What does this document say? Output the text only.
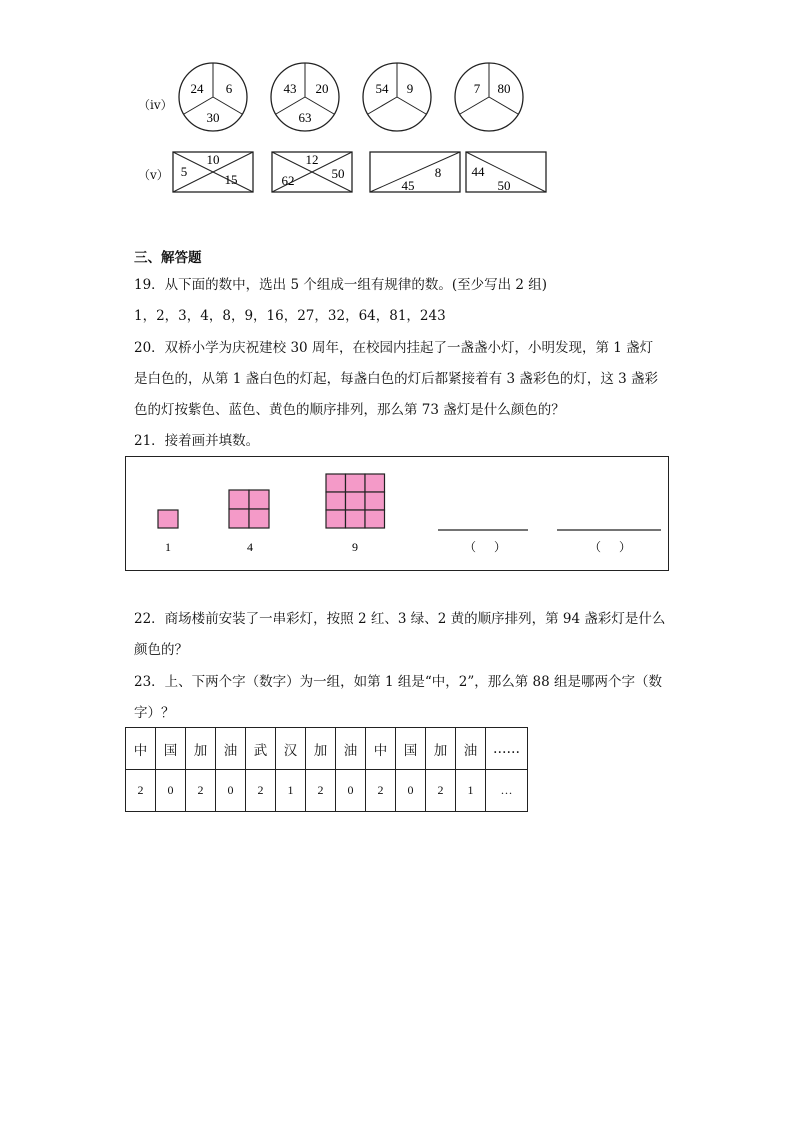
（iv）
24 6
30
43 20
63
54 9	7 80
（v）
10
5
15
12
62	50	8
45
44
50
三、解答题
19．从下面的数中，选出 5 个组成一组有规律的数。(至少写出 2 组)
1，2，3，4，8，9，16，27，32，64，81，243
20．双桥小学为庆祝建校 30 周年，在校园内挂起了一盏盏小灯，小明发现，第 1 盏灯
是白色的，从第 1 盏白色的灯起，每盏白色的灯后都紧接着有 3 盏彩色的灯，这 3 盏彩
色的灯按紫色、蓝色、黄色的顺序排列，那么第 73 盏灯是什么颜色的？
21．接着画并填数。
1	4	9	（      ）	（      ）
22．商场楼前安装了一串彩灯，按照 2 红、3 绿、2 黄的顺序排列，第 94 盏彩灯是什么
颜色的？
23．上、下两个字（数字）为一组，如第 1 组是“中，2”，那么第 88 组是哪两个字（数
字）？
中	国	加	油	武	汉	加	油	中	国	加	油	……
2	0	2	0	2	1	2	0	2	0	2	1	…
